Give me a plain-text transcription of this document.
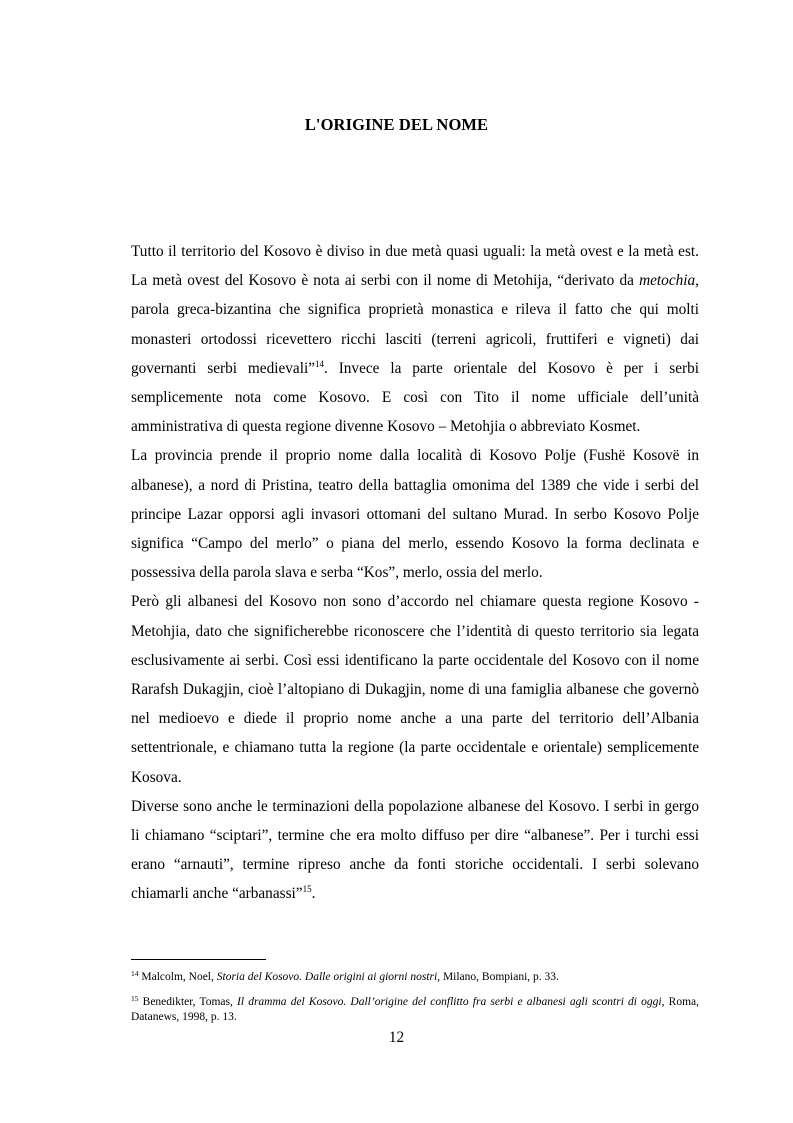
L'ORIGINE DEL NOME

Tutto il territorio del Kosovo è diviso in due metà quasi uguali: la metà ovest e la metà est. La metà ovest del Kosovo è nota ai serbi con il nome di Metohija, “derivato da metochia, parola greca-bizantina che significa proprietà monastica e rileva il fatto che qui molti monasteri ortodossi ricevettero ricchi lasciti (terreni agricoli, fruttiferi e vigneti) dai governanti serbi medievali”$^{14}$. Invece la parte orientale del Kosovo è per i serbi semplicemente nota come Kosovo. E così con Tito il nome ufficiale dell’unità amministrativa di questa regione divenne Kosovo – Metohjia o abbreviato Kosmet.

La provincia prende il proprio nome dalla località di Kosovo Polje (Fushë Kosovë in albanese), a nord di Pristina, teatro della battaglia omonima del 1389 che vide i serbi del principe Lazar opporsi agli invasori ottomani del sultano Murad. In serbo Kosovo Polje significa “Campo del merlo” o piana del merlo, essendo Kosovo la forma declinata e possessiva della parola slava e serba “Kos”, merlo, ossia del merlo.

Però gli albanesi del Kosovo non sono d’accordo nel chiamare questa regione Kosovo - Metohjia, dato che significherebbe riconoscere che l’identità di questo territorio sia legata esclusivamente ai serbi. Così essi identificano la parte occidentale del Kosovo con il nome Rarafsh Dukagjin, cioè l’altopiano di Dukagjin, nome di una famiglia albanese che governò nel medioevo e diede il proprio nome anche a una parte del territorio dell’Albania settentrionale, e chiamano tutta la regione (la parte occidentale e orientale) semplicemente Kosova.

Diverse sono anche le terminazioni della popolazione albanese del Kosovo. I serbi in gergo li chiamano “sciptari”, termine che era molto diffuso per dire “albanese”. Per i turchi essi erano “arnauti”, termine ripreso anche da fonti storiche occidentali. I serbi solevano chiamarli anche “arbanassi”$^{15}$.

$^{14}$ Malcolm, Noel, Storia del Kosovo. Dalle origini ai giorni nostri, Milano, Bompiani, p. 33.

$^{15}$ Benedikter, Tomas, Il dramma del Kosovo. Dall’origine del conflitto fra serbi e albanesi agli scontri di oggi, Roma, Datanews, 1998, p. 13.

12
